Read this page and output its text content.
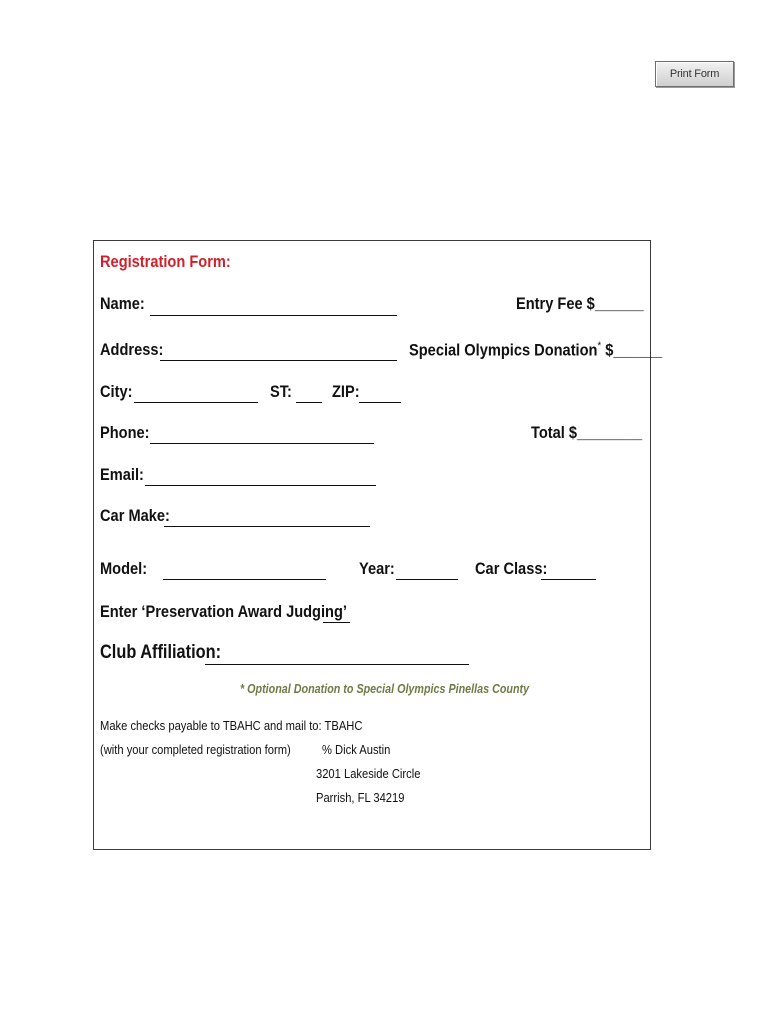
Print Form
Registration Form:
Name:	Entry Fee $______
Address:	Special Olympics Donation* $______
City:	ST: ZIP:
Phone:	Total $________
Email:
Car Make:
Model:	Year:	Car Class:
Enter ‘Preservation Award Judging’
Club Affiliation:
* Optional Donation to Special Olympics Pinellas County
Make checks payable to TBAHC and mail to: TBAHC
(with your completed registration form) % Dick Austin
3201 Lakeside Circle
Parrish, FL 34219
